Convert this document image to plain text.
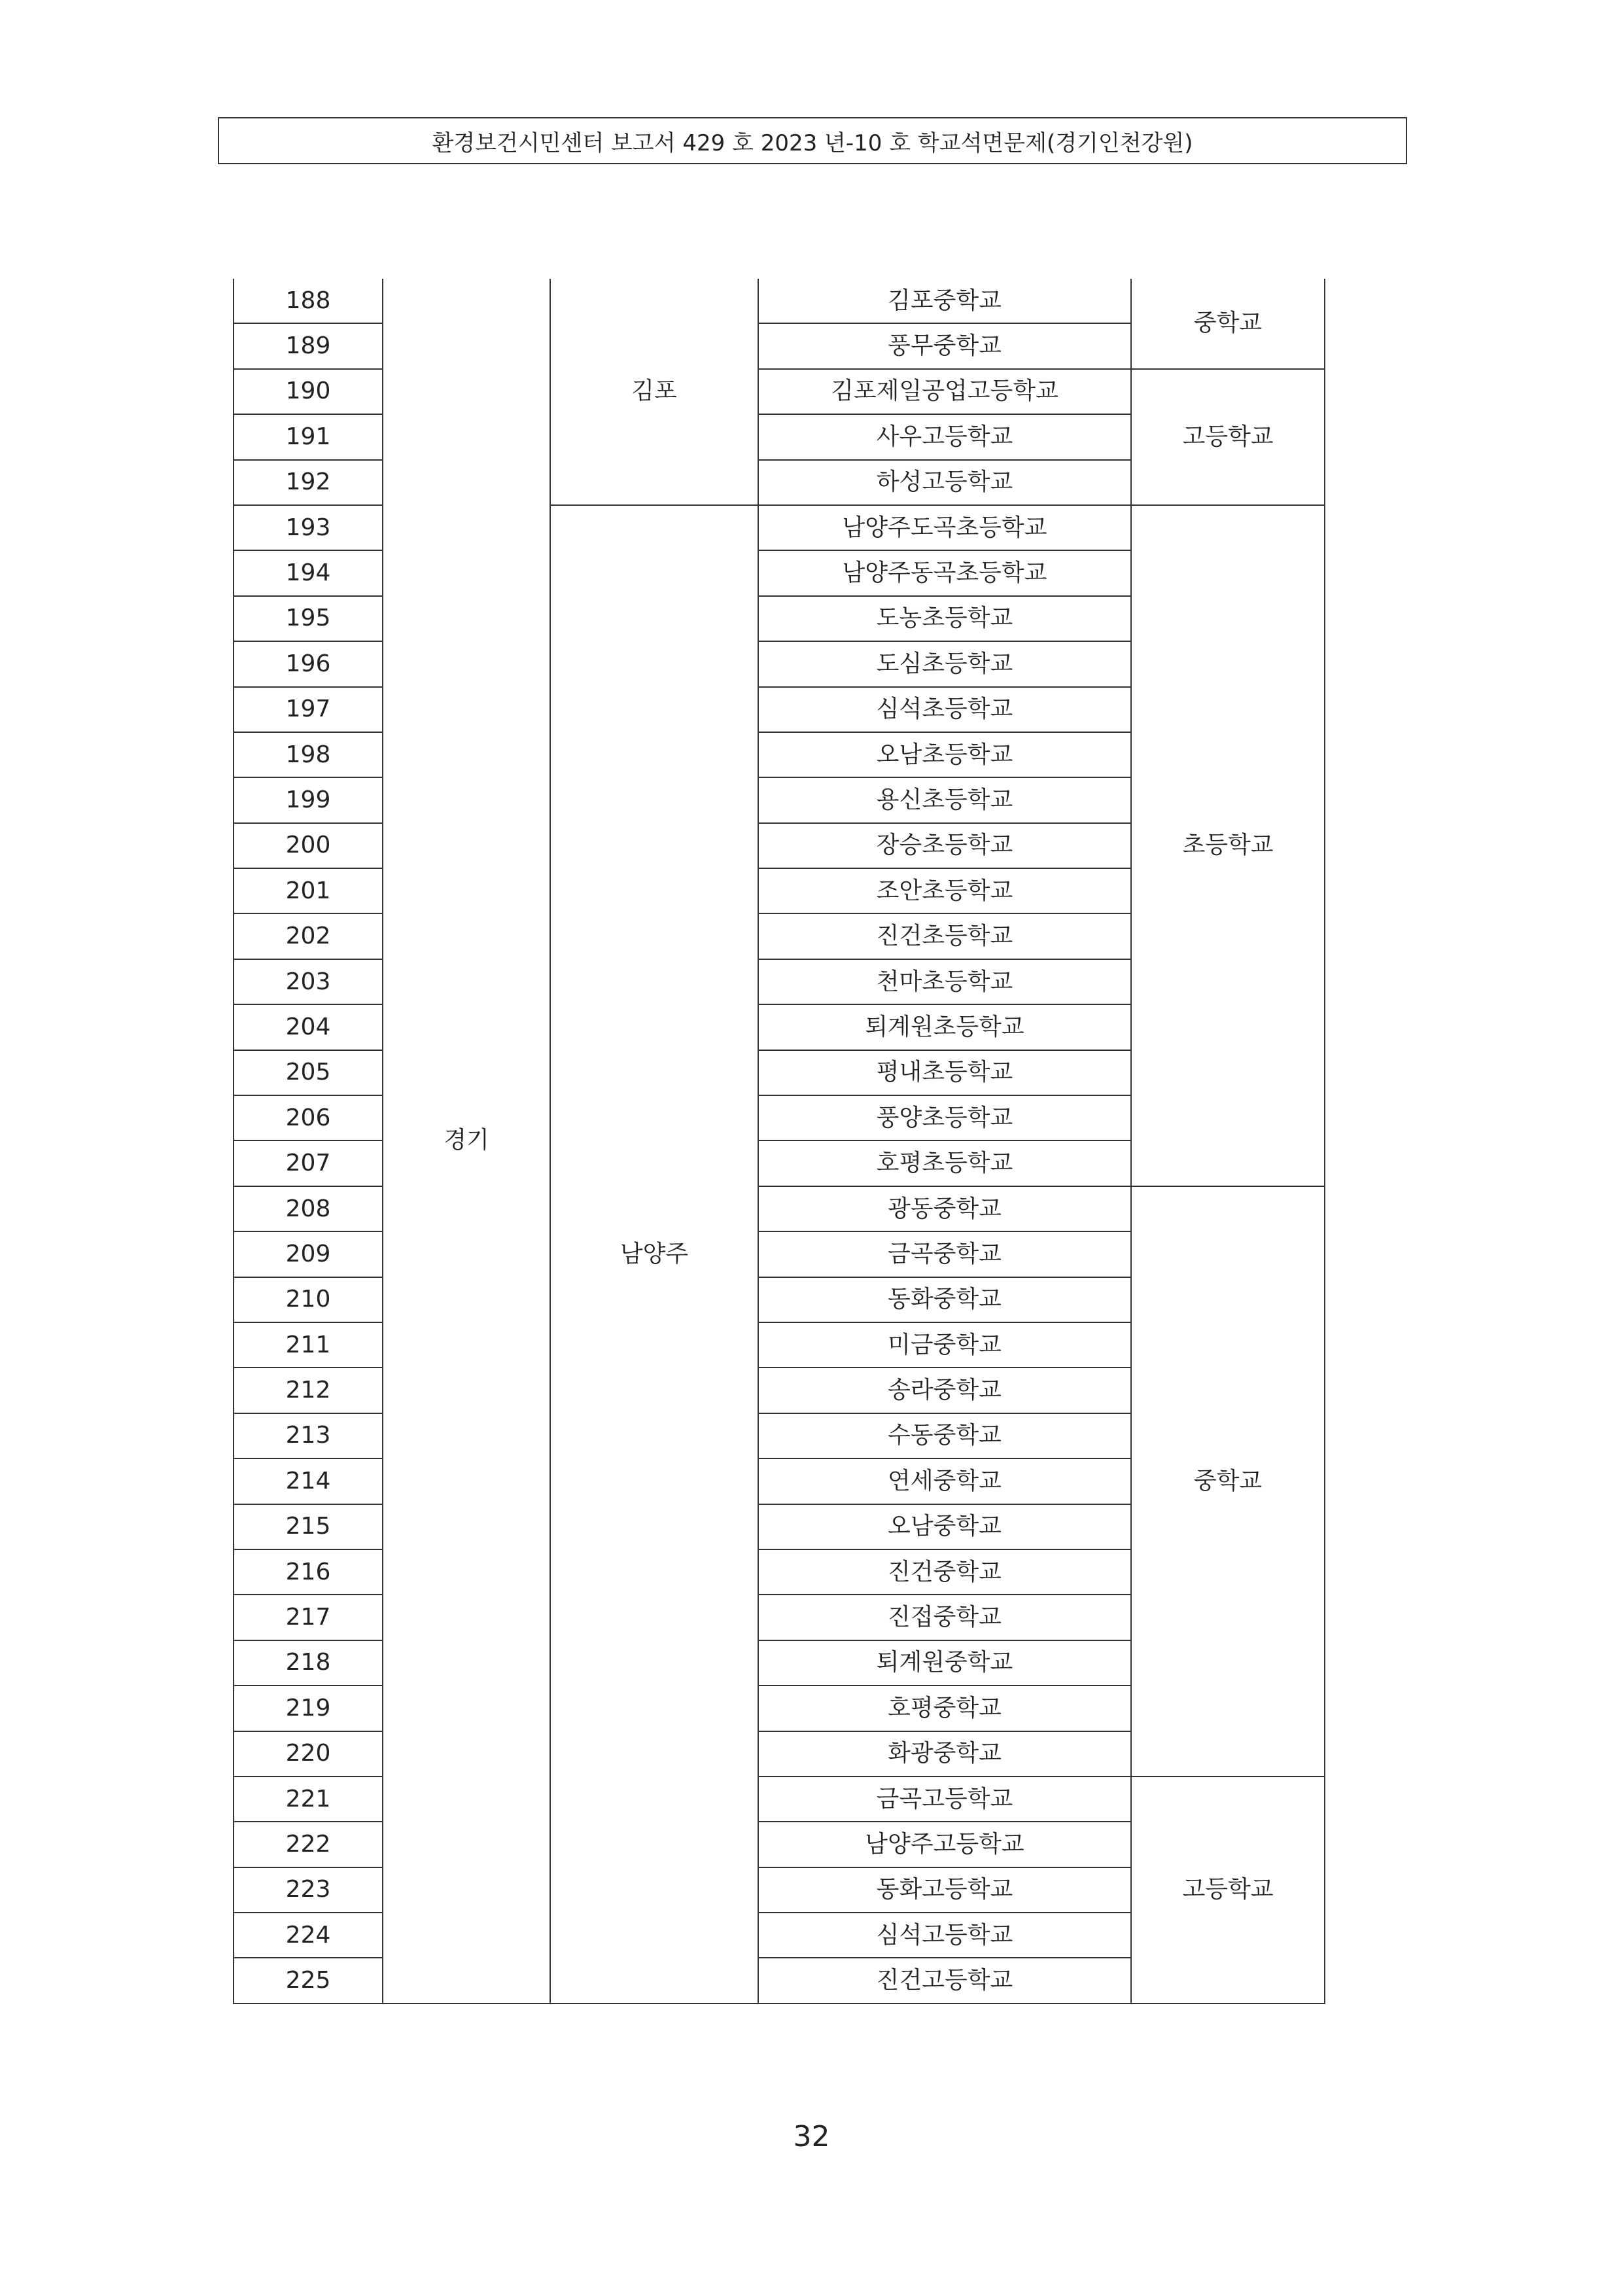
환경보건시민센터 보고서 429 호 2023 년-10 호 학교석면문제(경기인천강원)
188	경기	김포	김포중학교	중학교
189			풍무중학교	
190			김포제일공업고등학교	고등학교
191			사우고등학교	
192			하성고등학교	
193		남양주	남양주도곡초등학교	초등학교
194			남양주동곡초등학교	
195			도농초등학교	
196			도심초등학교	
197			심석초등학교	
198			오남초등학교	
199			용신초등학교	
200			장승초등학교	
201			조안초등학교	
202			진건초등학교	
203			천마초등학교	
204			퇴계원초등학교	
205			평내초등학교	
206			풍양초등학교	
207			호평초등학교	
208			광동중학교	중학교
209			금곡중학교	
210			동화중학교	
211			미금중학교	
212			송라중학교	
213			수동중학교	
214			연세중학교	
215			오남중학교	
216			진건중학교	
217			진접중학교	
218			퇴계원중학교	
219			호평중학교	
220			화광중학교	
221			금곡고등학교	고등학교
222			남양주고등학교	
223			동화고등학교	
224			심석고등학교	
225			진건고등학교	
32
